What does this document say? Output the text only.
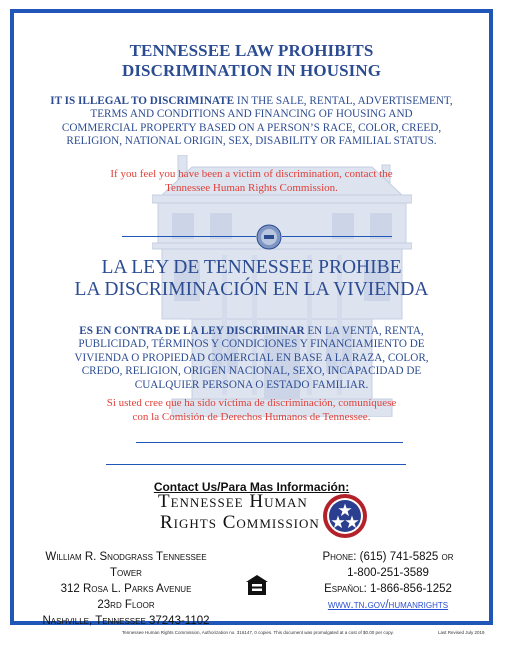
TENNESSEE LAW PROHIBITS
DISCRIMINATION IN HOUSING
IT IS ILLEGAL TO DISCRIMINATE IN THE SALE, RENTAL, ADVERTISEMENT,
TERMS AND CONDITIONS AND FINANCING OF HOUSING AND
COMMERCIAL PROPERTY BASED ON A PERSON’S RACE, COLOR, CREED,
RELIGION, NATIONAL ORIGIN, SEX, DISABILITY OR FAMILIAL STATUS.
If you feel you have been a victim of discrimination, contact the
Tennessee Human Rights Commission.
LA LEY DE TENNESSEE PROHIBE
LA DISCRIMINACIÓN EN LA VIVIENDA
ES EN CONTRA DE LA LEY DISCRIMINAR EN LA VENTA, RENTA,
PUBLICIDAD, TÉRMINOS Y CONDICIONES Y FINANCIAMIENTO DE
VIVIENDA O PROPIEDAD COMERCIAL EN BASE A LA RAZA, COLOR,
CREDO, RELIGION, ORIGEN NACIONAL, SEXO, INCAPACIDAD DE
CUALQUIER PERSONA O ESTADO FAMILIAR.
Si usted cree que ha sido víctima de discriminación, comuníquese
con la Comisión de Derechos Humanos de Tennessee.
Contact Us/Para Mas Información:
Tennessee Human
Rights Commission
William R. Snodgrass Tennessee Tower
312 Rosa L. Parks Avenue
23rd Floor
Nashville, Tennessee 37243-1102
Phone: (615) 741-5825 or
1-800-251-3589
Español: 1-866-856-1252
www.tn.gov/humanrights
Tennessee Human Rights Commission, Authorization no. 316147, 0 copies. This document was promulgated at a cost of $0.00 per copy.	Last Revised July 2019
